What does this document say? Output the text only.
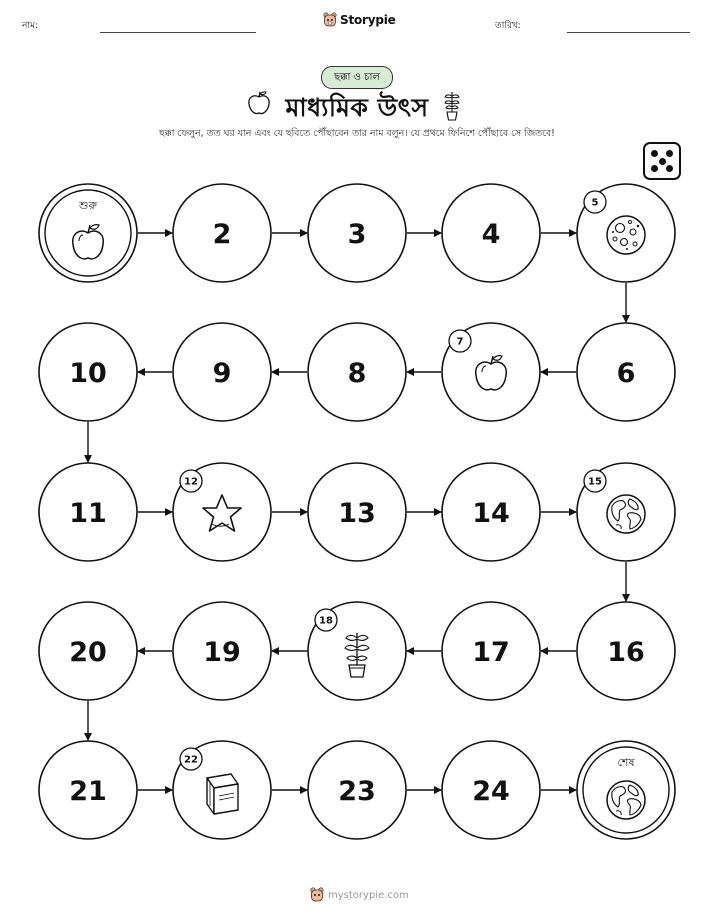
নাম:	Storypie	তারিখ:
ছক্কা ও চাল
মাধ্যমিক উৎস
ছক্কা ফেলুন, তত ঘর যান এবং যে ছবিতে পৌঁছাবেন তার নাম বলুন। যে প্রথমে ফিনিশে পৌঁছাবে সে জিতবে!
শুরু
2	3	4
5
6
7
8
9
10
11
12
13	14
15
16
17
18
19
20
21
22
23	24
শেষ
mystorypie.com
